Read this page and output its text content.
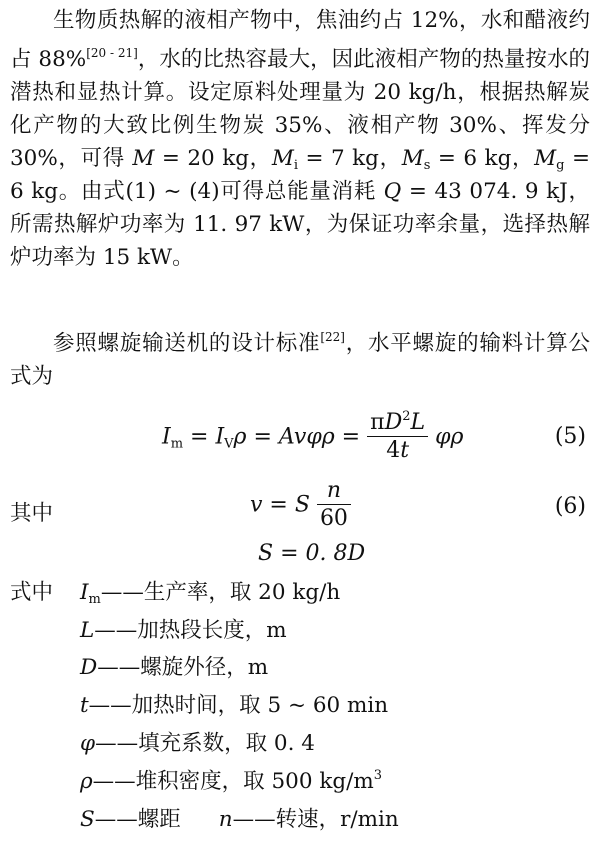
生物质热解的液相产物中，焦油约占 12%，水和醋液约占 88%[20 - 21]，水的比热容最大，因此液相产物的热量按水的潜热和显热计算。设定原料处理量为 20 kg/h，根据热解炭化产物的大致比例生物炭 35%、液相产物 30%、挥发分 30%，可得 M = 20 kg，$M_i = 7$ kg，$M_s = 6$ kg，$M_g = 6$ kg。由式(1) ~ (4)可得总能量消耗 Q = 43 074. 9 kJ，所需热解炉功率为 11. 97 kW，为保证功率余量，选择热解炉功率为 15 kW。

参照螺旋输送机的设计标准[22]，水平螺旋的输料计算公式为

$I_m = I_V\rho = Av\varphi\rho = \frac{\pi D^2L}{4t}$ φρ	(5)
其中	v = S $\frac{n}{60}$	(6)
S = 0. 8D
式中 $I_m——$生产率，取 20 kg/h
L——加热段长度，m
D——螺旋外径，m
t——加热时间，取 5 ~ 60 min
φ——填充系数，取 0. 4
ρ——堆积密度，取 500 $kg/m^3$
S——螺距 n——转速，r/min
